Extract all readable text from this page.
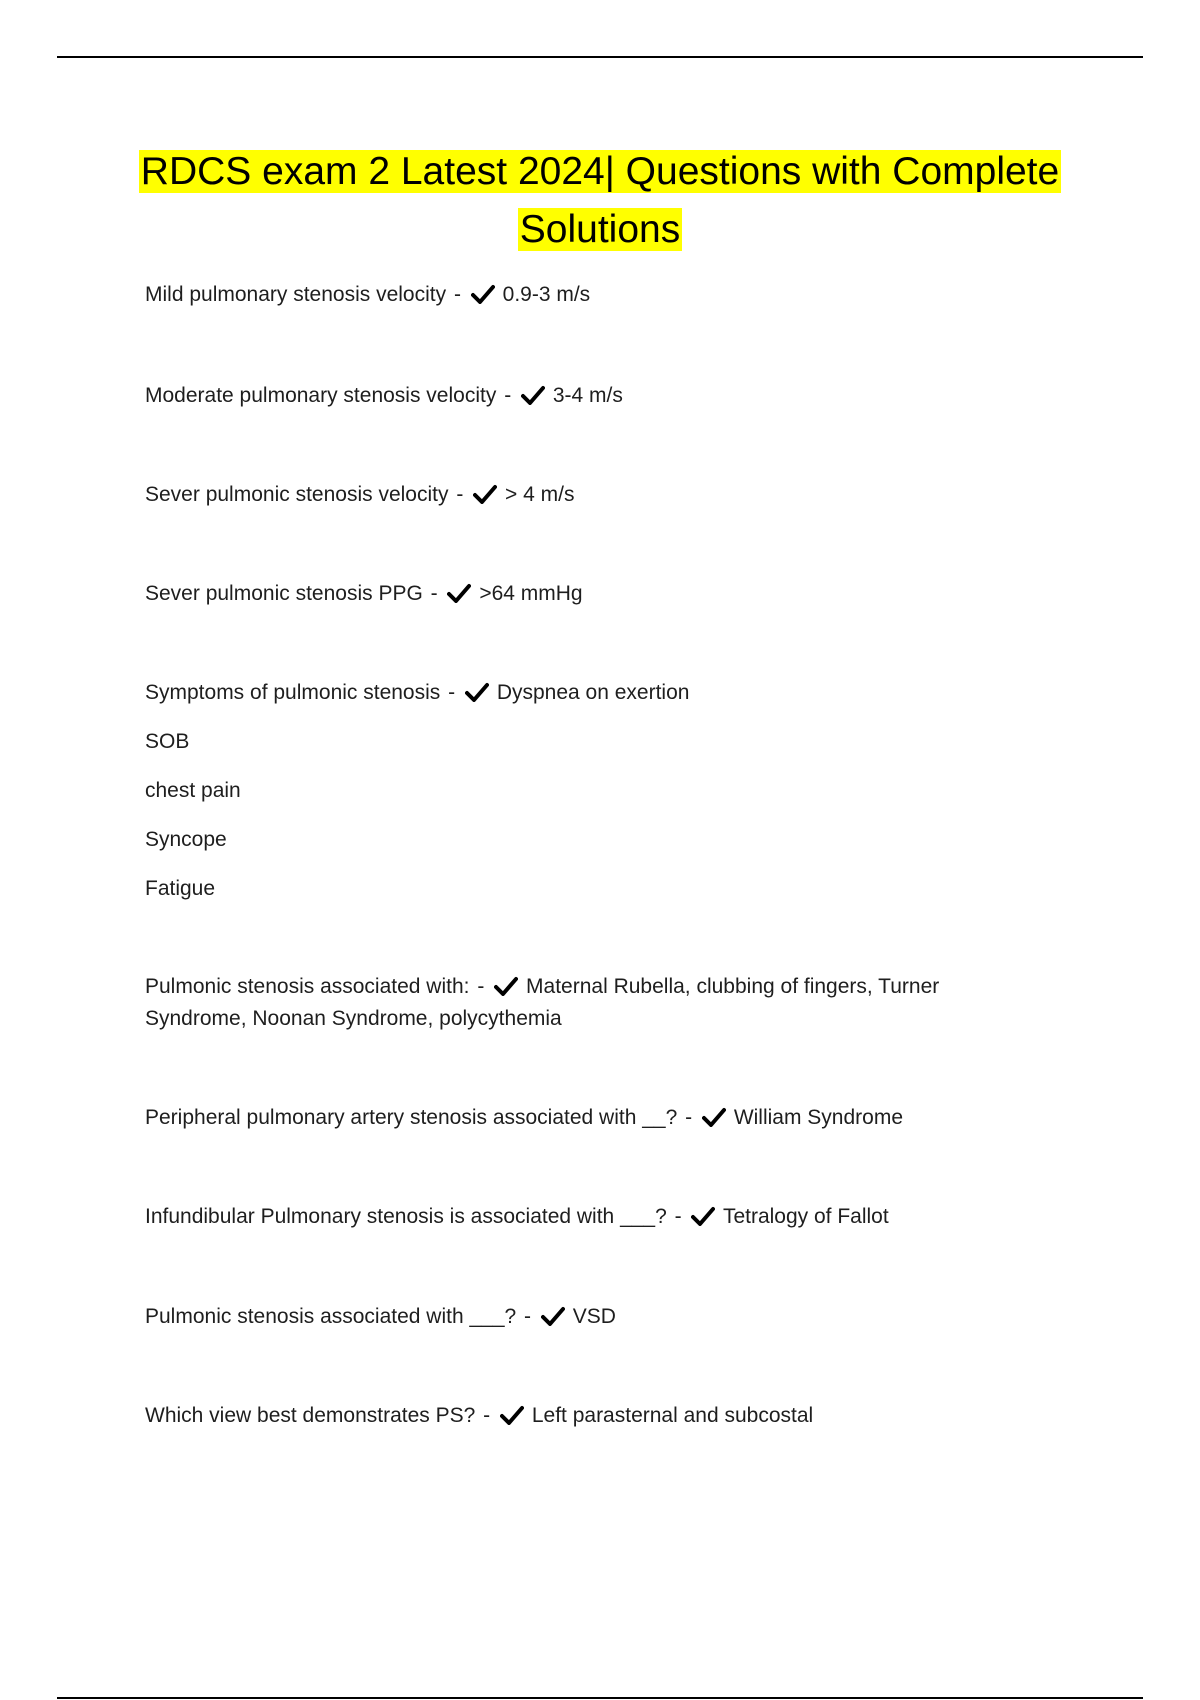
RDCS exam 2 Latest 2024| Questions with Complete
Solutions
Mild pulmonary stenosis velocity - 0.9-3 m/s
Moderate pulmonary stenosis velocity - 3-4 m/s
Sever pulmonic stenosis velocity - > 4 m/s
Sever pulmonic stenosis PPG - >64 mmHg
Symptoms of pulmonic stenosis - Dyspnea on exertion
SOB
chest pain
Syncope
Fatigue
Pulmonic stenosis associated with: - Maternal Rubella, clubbing of fingers, Turner Syndrome, Noonan Syndrome, polycythemia
Peripheral pulmonary artery stenosis associated with __? - William Syndrome
Infundibular Pulmonary stenosis is associated with ___? - Tetralogy of Fallot
Pulmonic stenosis associated with ___? - VSD
Which view best demonstrates PS? - Left parasternal and subcostal
